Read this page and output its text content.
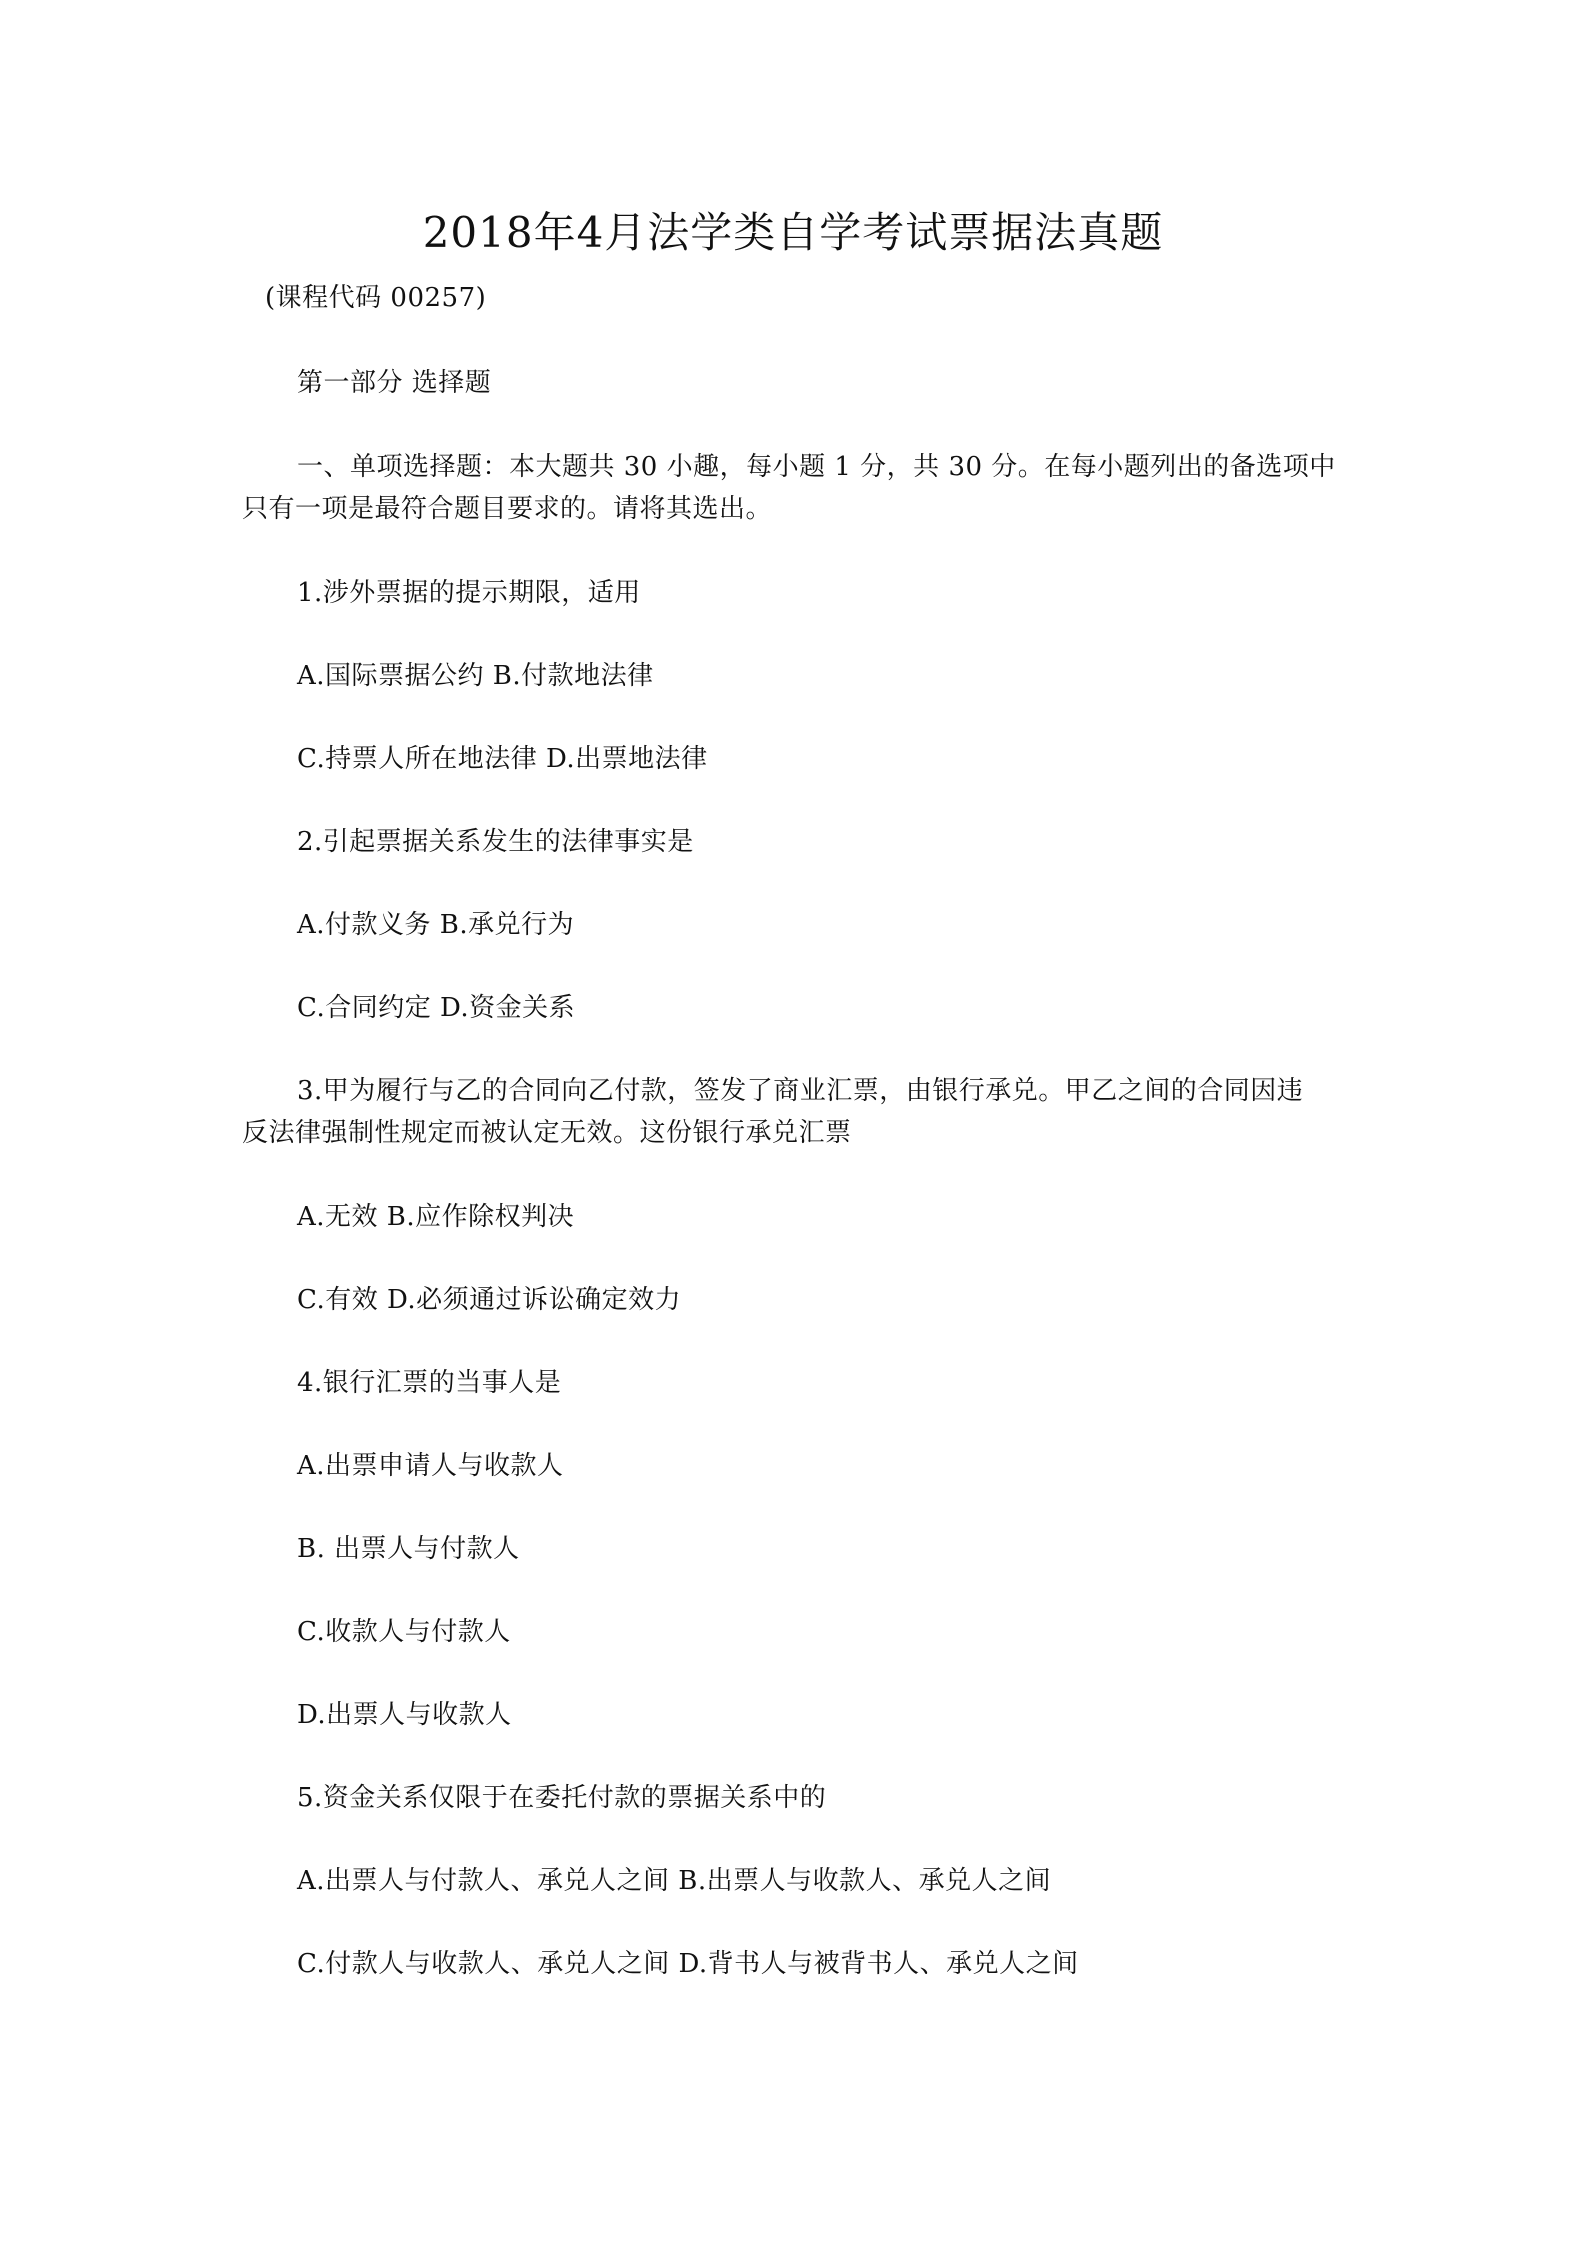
2018年4月法学类自学考试票据法真题
(课程代码 00257)
第一部分 选择题
一、单项选择题：本大题共 30 小趣，每小题 1 分，共 30 分。在每小题列出的备选项中
只有一项是最符合题目要求的。请将其选出。
1.涉外票据的提示期限，适用
A.国际票据公约 B.付款地法律
C.持票人所在地法律 D.出票地法律
2.引起票据关系发生的法律事实是
A.付款义务 B.承兑行为
C.合同约定 D.资金关系
3.甲为履行与乙的合同向乙付款，签发了商业汇票，由银行承兑。甲乙之间的合同因违
反法律强制性规定而被认定无效。这份银行承兑汇票
A.无效 B.应作除权判决
C.有效 D.必须通过诉讼确定效力
4.银行汇票的当事人是
A.出票申请人与收款人
B. 出票人与付款人
C.收款人与付款人
D.出票人与收款人
5.资金关系仅限于在委托付款的票据关系中的
A.出票人与付款人、承兑人之间 B.出票人与收款人、承兑人之间
C.付款人与收款人、承兑人之间 D.背书人与被背书人、承兑人之间
